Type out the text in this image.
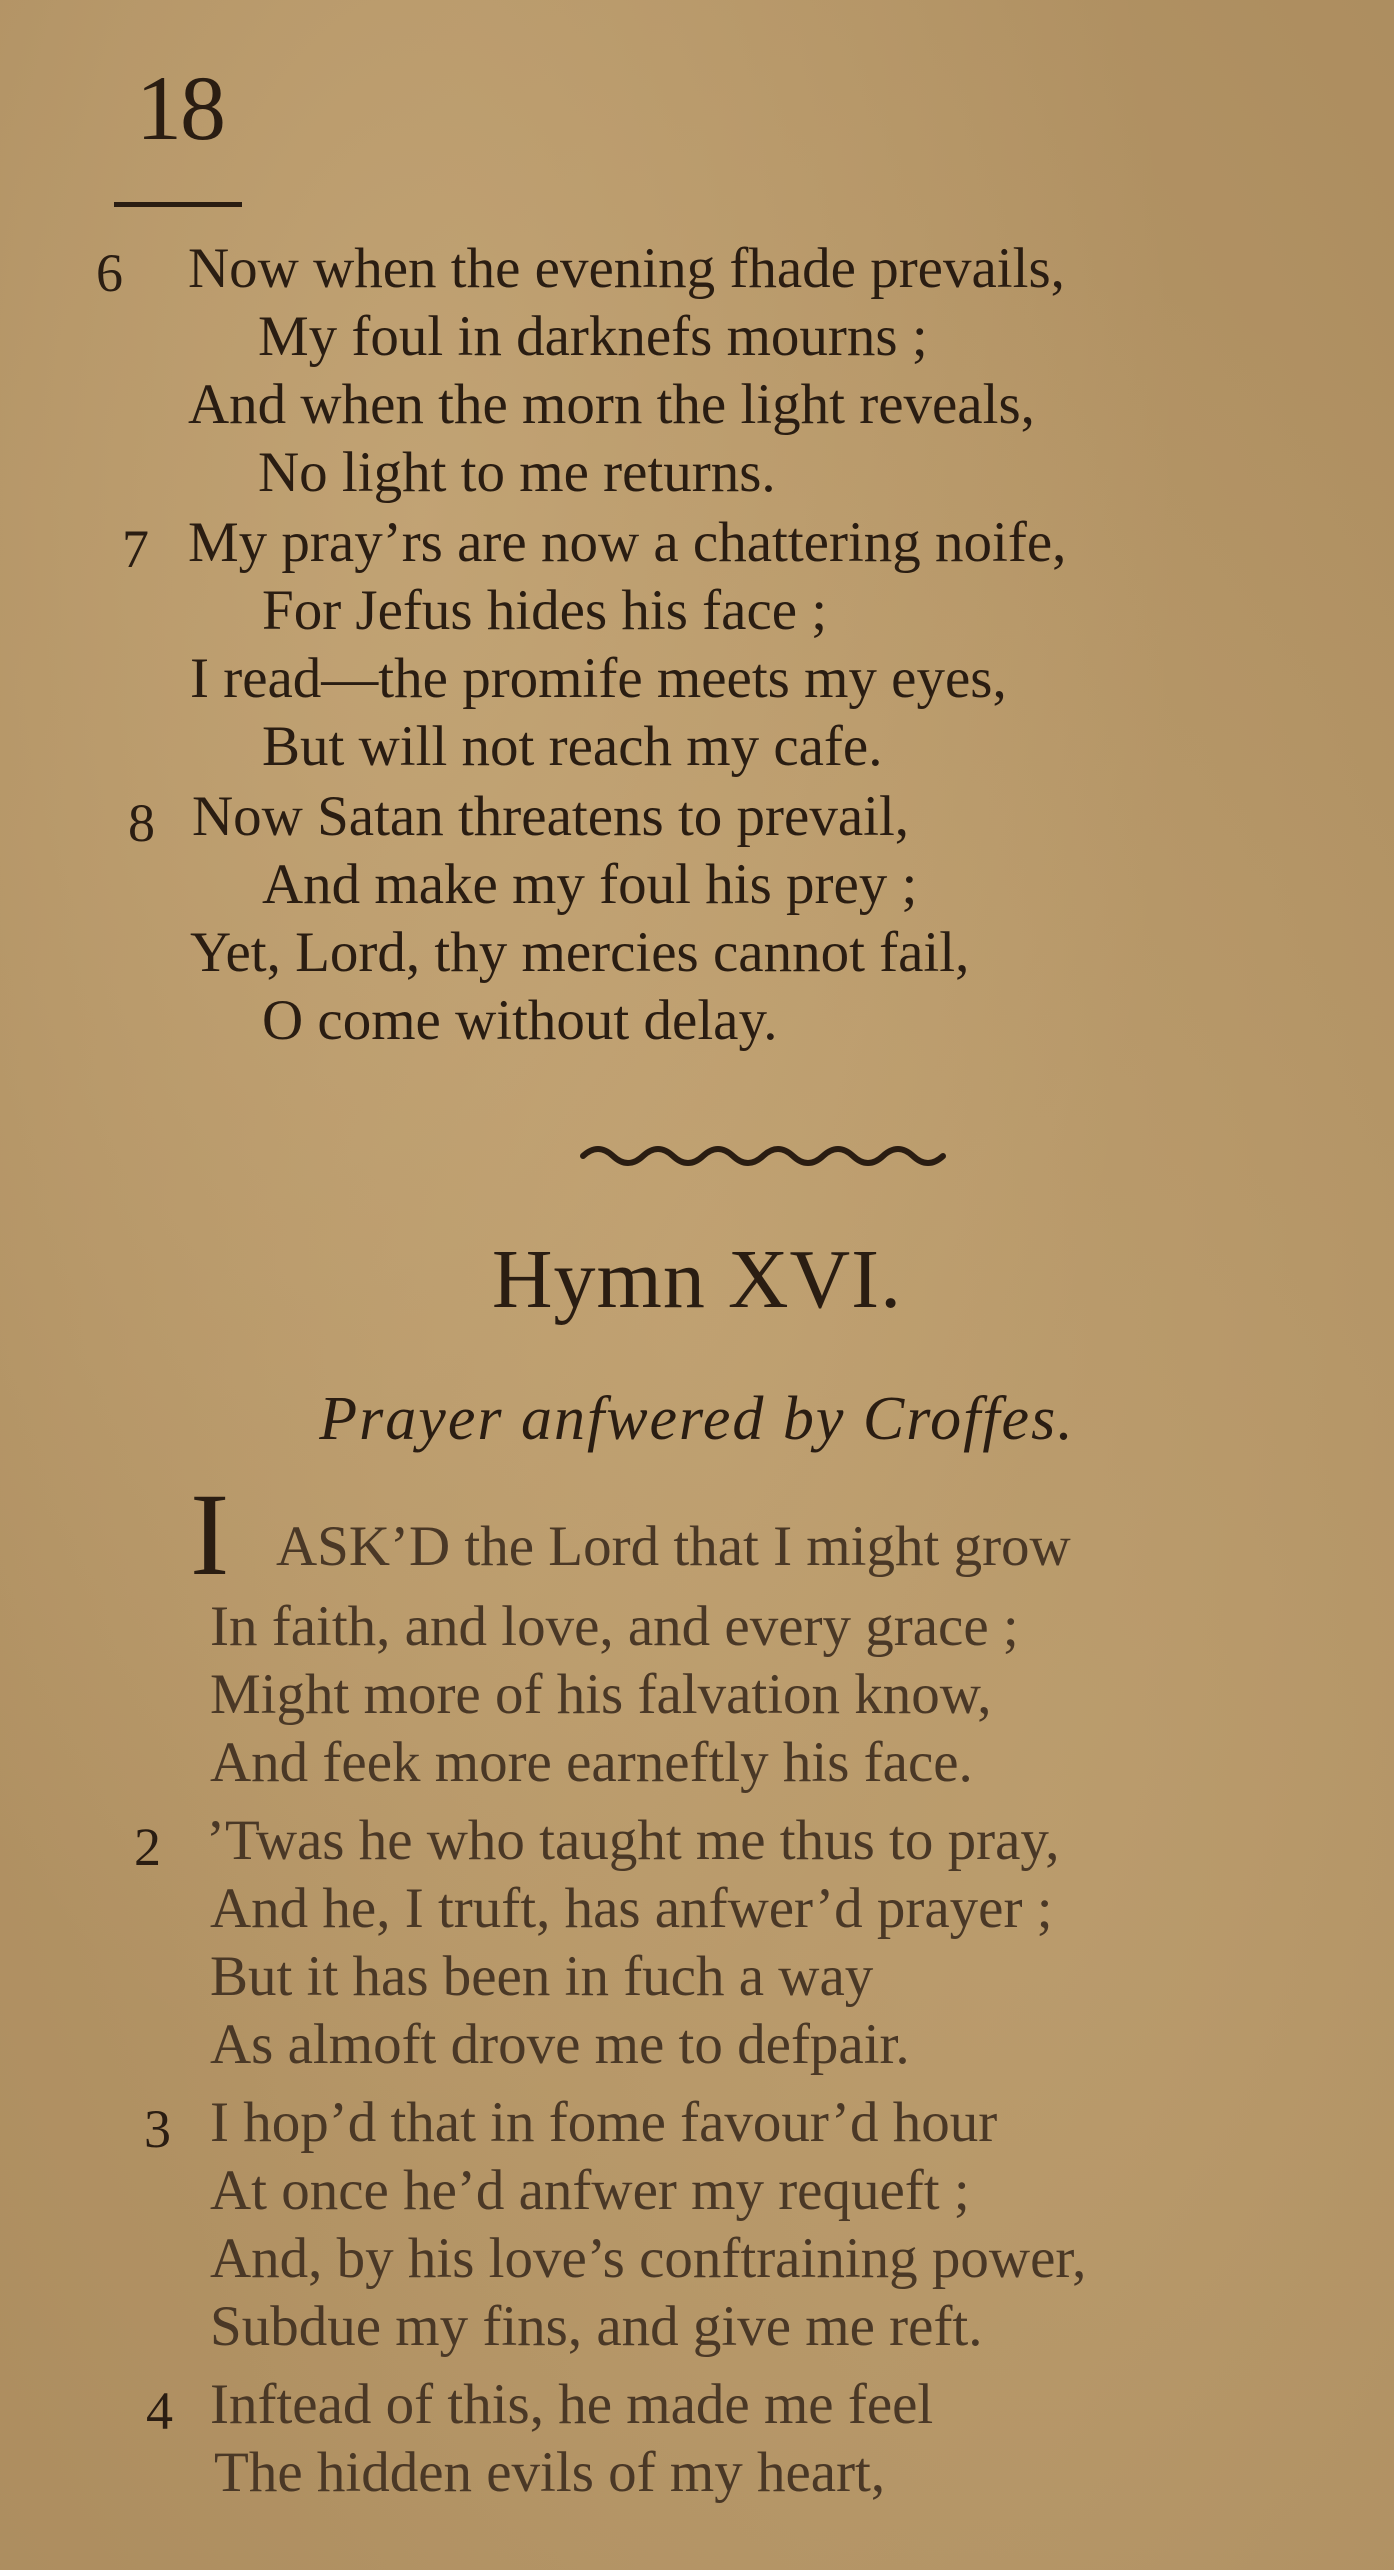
18
6 Now when the evening fhade prevails,
My foul in darknefs mourns ;
And when the morn the light reveals,
No light to me returns.
7 My pray’rs are now a chattering noife,
For Jefus hides his face ;
I read—the promife meets my eyes,
But will not reach my cafe.
8 Now Satan threatens to prevail,
And make my foul his prey ;
Yet, Lord, thy mercies cannot fail,
O come without delay.
Hymn XVI.
Prayer anfwered by Croffes.
I ASK’D the Lord that I might grow
In faith, and love, and every grace ;
Might more of his falvation know,
And feek more earneftly his face.
2 ’Twas he who taught me thus to pray,
And he, I truft, has anfwer’d prayer ;
But it has been in fuch a way
As almoft drove me to defpair.
3 I hop’d that in fome favour’d hour
At once he’d anfwer my requeft ;
And, by his love’s conftraining power,
Subdue my fins, and give me reft.
4 Inftead of this, he made me feel
The hidden evils of my heart,
